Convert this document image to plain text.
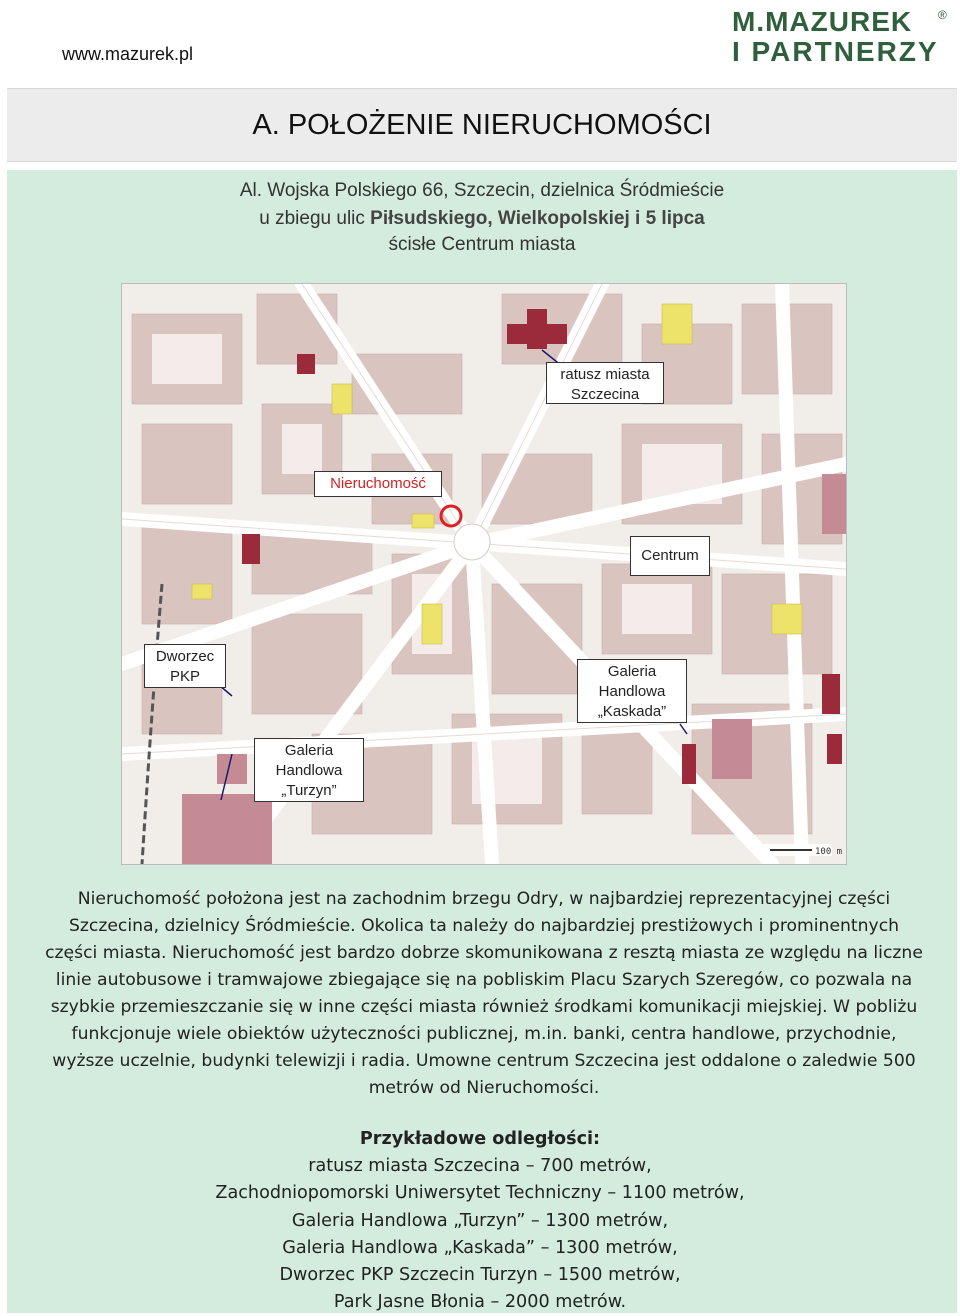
www.mazurek.pl
M.MAZUREK ®
I PARTNERZY
A. POŁOŻENIE NIERUCHOMOŚCI
Al. Wojska Polskiego 66, Szczecin, dzielnica Śródmieście
u zbiegu ulic Piłsudskiego, Wielkopolskiej i 5 lipca
ścisłe Centrum miasta
100 m
ratusz miasta
Szczecina
Nieruchomość
Centrum
Dworzec
PKP	Galeria
Handlowa
„Kaskada”
Galeria
Handlowa
„Turzyn”
Nieruchomość położona jest na zachodnim brzegu Odry, w najbardziej reprezentacyjnej części
Szczecina, dzielnicy Śródmieście. Okolica ta należy do najbardziej prestiżowych i prominentnych
części miasta. Nieruchomość jest bardzo dobrze skomunikowana z resztą miasta ze względu na liczne
linie autobusowe i tramwajowe zbiegające się na pobliskim Placu Szarych Szeregów, co pozwala na
szybkie przemieszczanie się w inne części miasta również środkami komunikacji miejskiej. W pobliżu
funkcjonuje wiele obiektów użyteczności publicznej, m.in. banki, centra handlowe, przychodnie,
wyższe uczelnie, budynki telewizji i radia. Umowne centrum Szczecina jest oddalone o zaledwie 500
metrów od Nieruchomości.
Przykładowe odległości:
ratusz miasta Szczecina – 700 metrów,
Zachodniopomorski Uniwersytet Techniczny – 1100 metrów,
Galeria Handlowa „Turzyn” – 1300 metrów,
Galeria Handlowa „Kaskada” – 1300 metrów,
Dworzec PKP Szczecin Turzyn – 1500 metrów,
Park Jasne Błonia – 2000 metrów.
